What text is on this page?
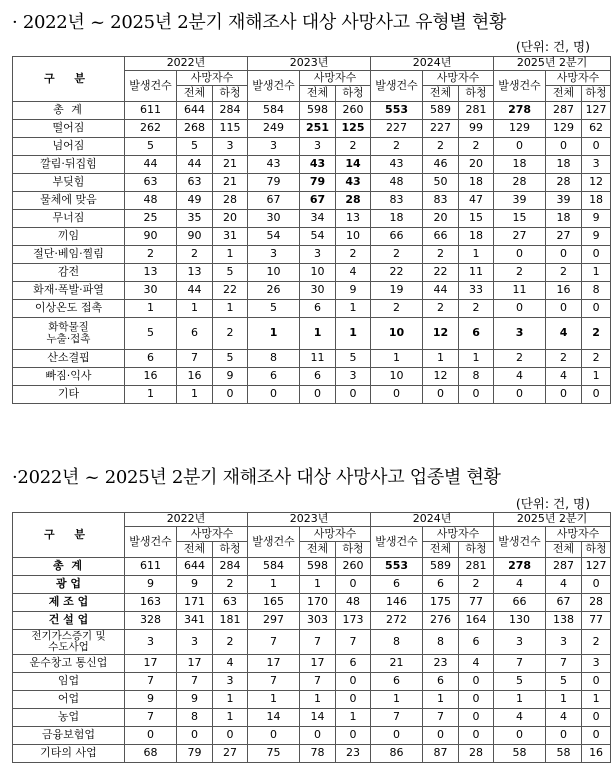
· 2022년 ~ 2025년 2분기 재해조사 대상 사망사고 유형별 현황
(단위: 건, 명)
구 분	2022년			2023년			2024년			2025년 2분기		
	발생건수	사망자수		발생건수	사망자수		발생건수	사망자수		발생건수	사망자수	
		전체	하청		전체	하청		전체	하청		전체	하청
총 계	611	644	284	584	598	260	553	589	281	278	287	127
떨어짐	262	268	115	249	251	125	227	227	99	129	129	62
넘어짐	5	5	3	3	3	2	2	2	2	0	0	0
깔림·뒤집힘	44	44	21	43	43	14	43	46	20	18	18	3
부딪힘	63	63	21	79	79	43	48	50	18	28	28	12
물체에 맞음	48	49	28	67	67	28	83	83	47	39	39	18
무너짐	25	35	20	30	34	13	18	20	15	15	18	9
끼임	90	90	31	54	54	10	66	66	18	27	27	9
절단·베임·찔림	2	2	1	3	3	2	2	2	1	0	0	0
감전	13	13	5	10	10	4	22	22	11	2	2	1
화재·폭발·파열	30	44	22	26	30	9	19	44	33	11	16	8
이상온도 접촉	1	1	1	5	6	1	2	2	2	0	0	0
화학물질
누출·접촉	5	6	2	1	1	1	10	12	6	3	4	2
산소결핍	6	7	5	8	11	5	1	1	1	2	2	2
빠짐·익사	16	16	9	6	6	3	10	12	8	4	4	1
기타	1	1	0	0	0	0	0	0	0	0	0	0
·2022년 ~ 2025년 2분기 재해조사 대상 사망사고 업종별 현황
(단위: 건, 명)
구 분	2022년			2023년			2024년			2025년 2분기		
	발생건수	사망자수		발생건수	사망자수		발생건수	사망자수		발생건수	사망자수	
		전체	하청		전체	하청		전체	하청		전체	하청
총 계	611	644	284	584	598	260	553	589	281	278	287	127
광 업	9	9	2	1	1	0	6	6	2	4	4	0
제 조 업	163	171	63	165	170	48	146	175	77	66	67	28
건 설 업	328	341	181	297	303	173	272	276	164	130	138	77
전기가스증기 및
수도사업	3	3	2	7	7	7	8	8	6	3	3	2
운수창고 통신업	17	17	4	17	17	6	21	23	4	7	7	3
임업	7	7	3	7	7	0	6	6	0	5	5	0
어업	9	9	1	1	1	0	1	1	0	1	1	1
농업	7	8	1	14	14	1	7	7	0	4	4	0
금융보험업	0	0	0	0	0	0	0	0	0	0	0	0
기타의 사업	68	79	27	75	78	23	86	87	28	58	58	16
